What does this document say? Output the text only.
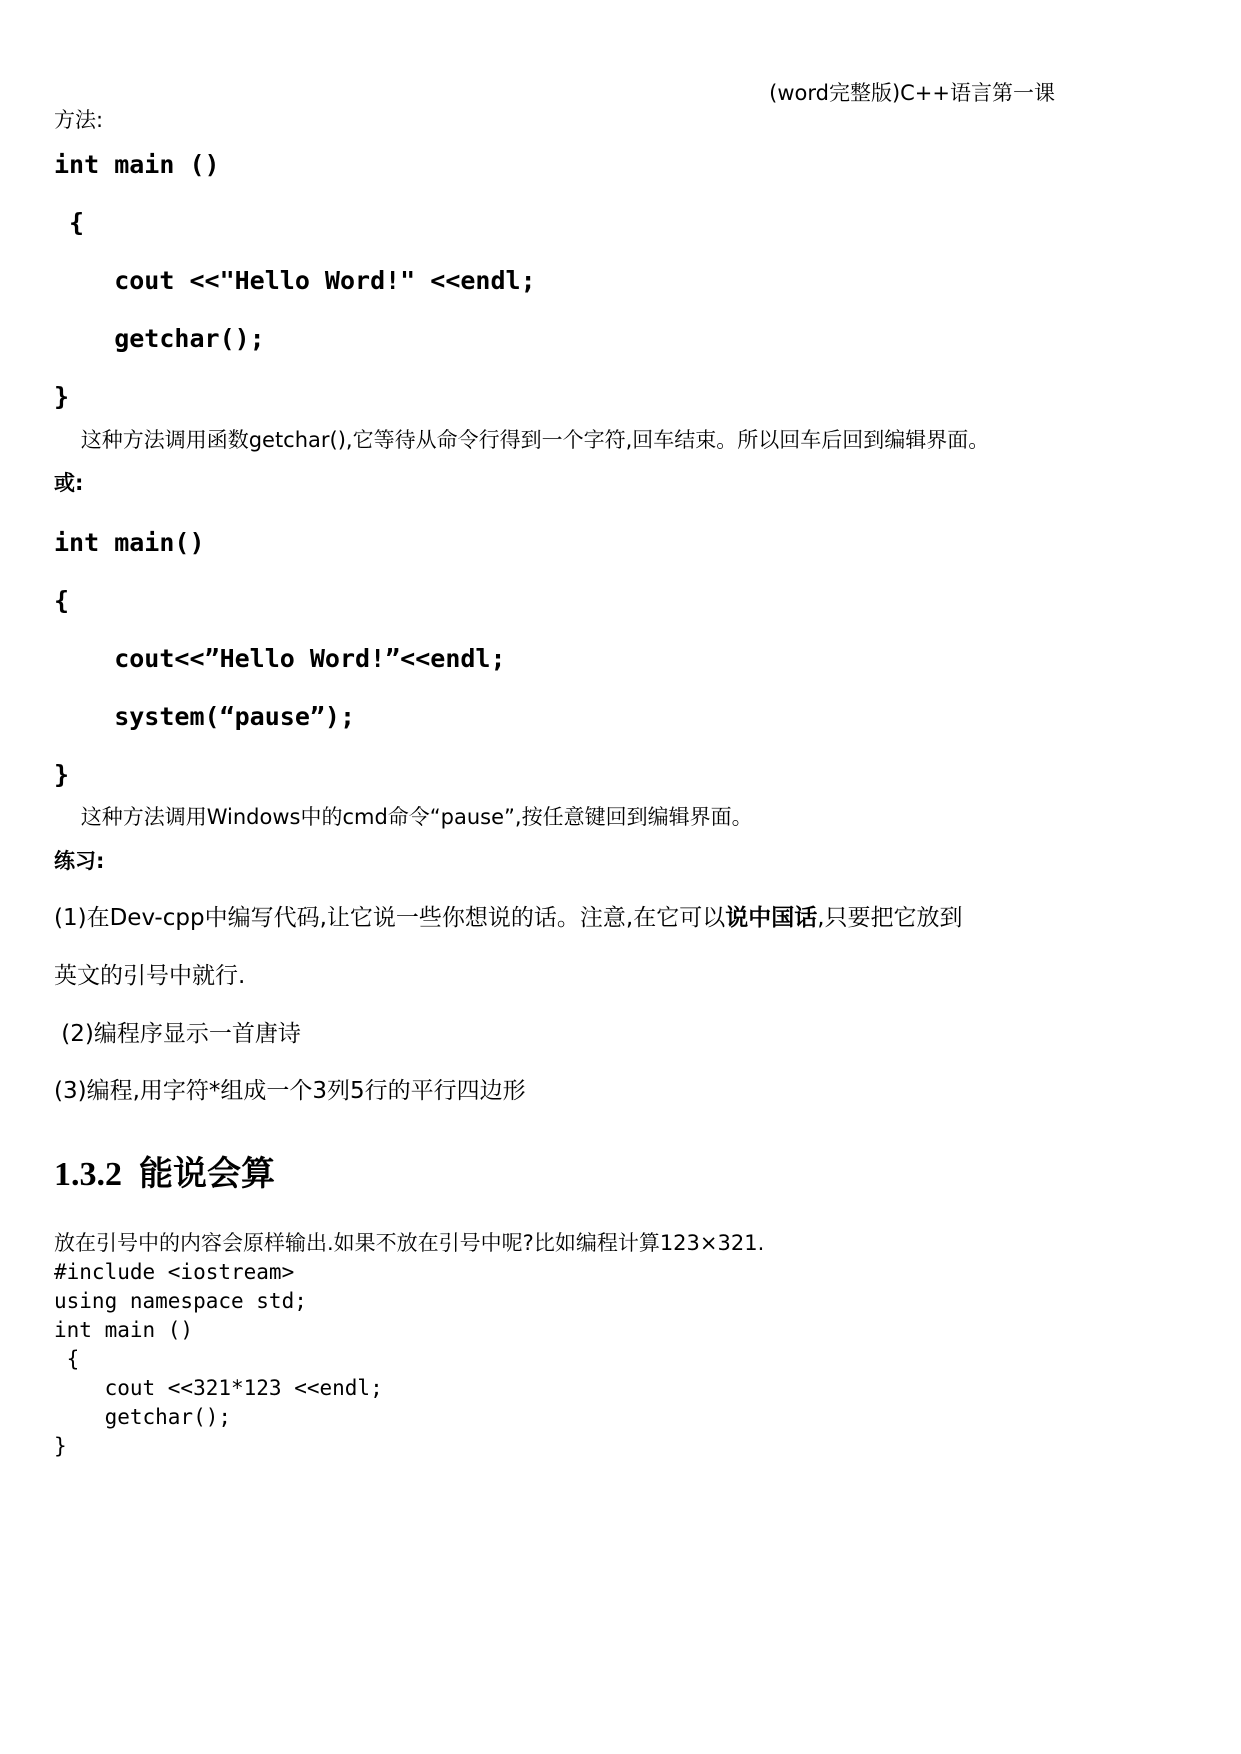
(word完整版)C++语言第一课
方法:
int main ()
{
cout <<"Hello Word!" <<endl;
getchar();
}
这种方法调用函数getchar(),它等待从命令行得到一个字符,回车结束。所以回车后回到编辑界面。
或:
int main()
{
cout<<”Hello Word!”<<endl;
system(“pause”);
}
这种方法调用Windows中的cmd命令“pause”,按任意键回到编辑界面。
练习:
(1)在Dev-cpp中编写代码,让它说一些你想说的话。注意,在它可以说中国话,只要把它放到
英文的引号中就行.
(2)编程序显示一首唐诗
(3)编程,用字符*组成一个3列5行的平行四边形
1.3.2  能说会算
放在引号中的内容会原样输出.如果不放在引号中呢?比如编程计算123×321.
#include <iostream>
using namespace std;
int main ()
{
cout <<321*123 <<endl;
getchar();
}
